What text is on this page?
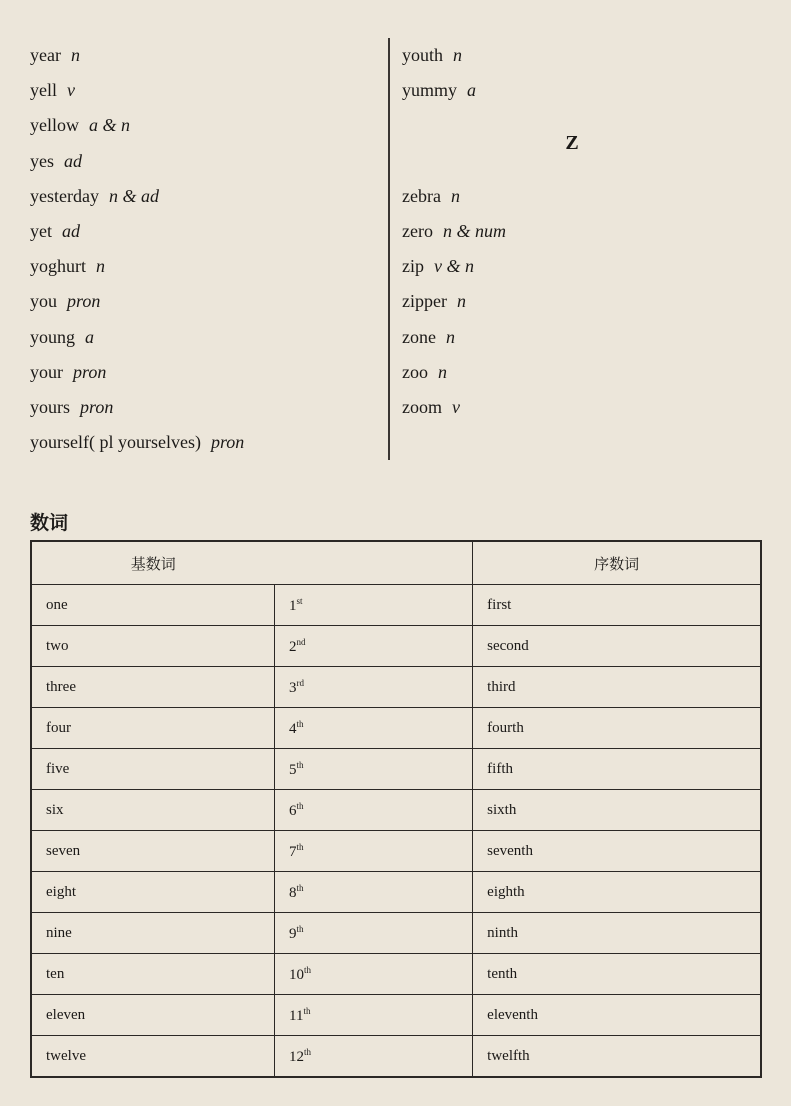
year n
yell v
yellow a & n
yes ad
yesterday n & ad
yet ad
yoghurt n
you pron
young a
your pron
yours pron
yourself( pl yourselves) pron
youth n
yummy a
Z
zebra n
zero n & num
zip v & n
zipper n
zone n
zoo n
zoom v
数词
基数词		序数词
one	1st	first
two	2nd	second
three	3rd	third
four	4th	fourth
five	5th	fifth
six	6th	sixth
seven	7th	seventh
eight	8th	eighth
nine	9th	ninth
ten	10th	tenth
eleven	11th	eleventh
twelve	12th	twelfth
